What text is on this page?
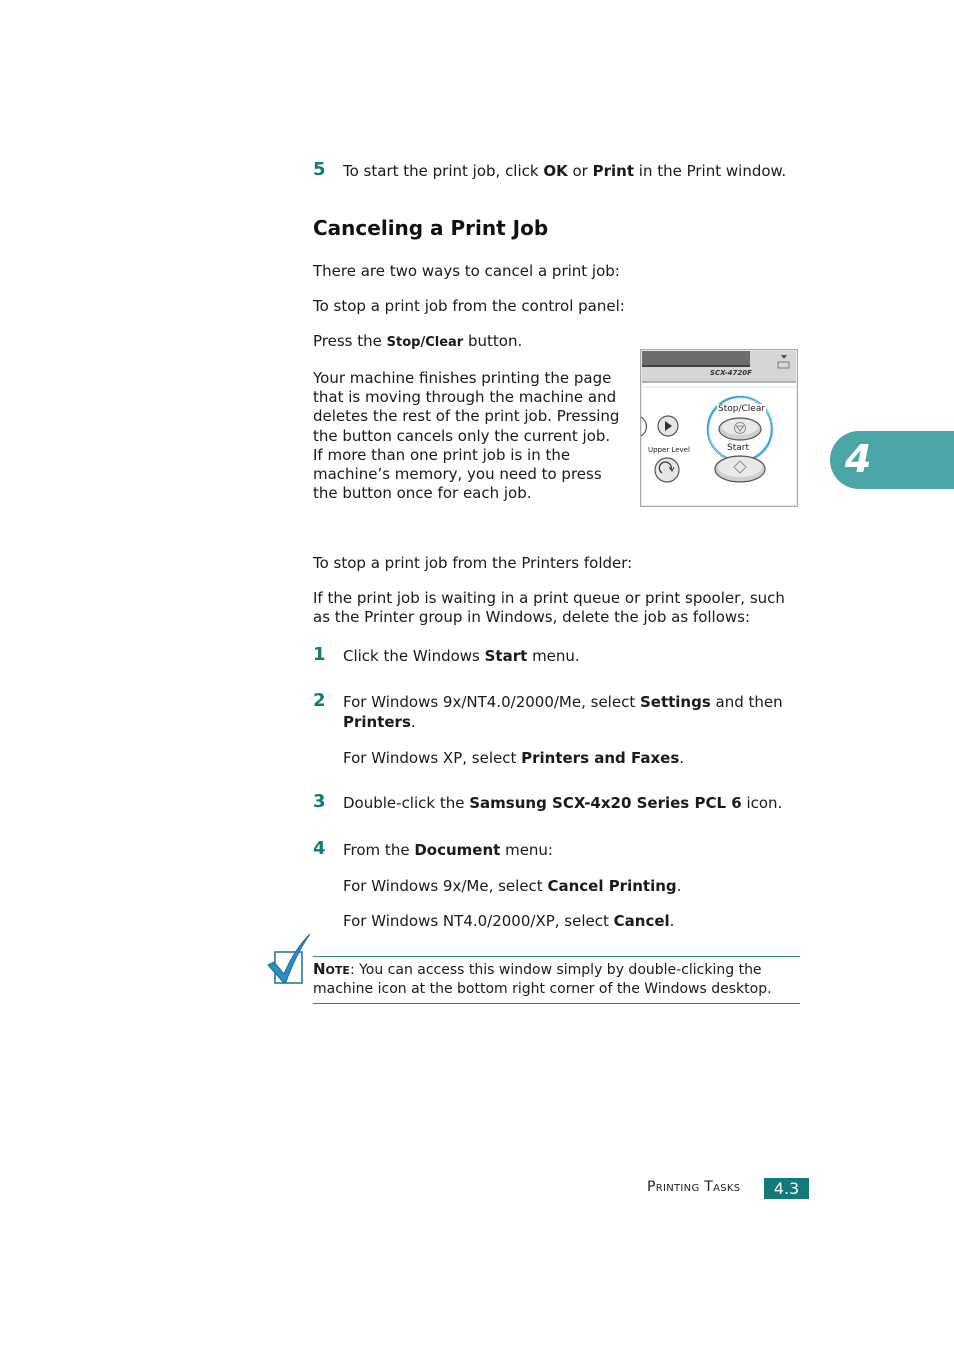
5 To start the print job, click OK or Print in the Print window.

Canceling a Print Job

There are two ways to cancel a print job:

To stop a print job from the control panel:

Press the Stop/Clear button.

Your machine finishes printing the page
that is moving through the machine and
deletes the rest of the print job. Pressing
the button cancels only the current job.
If more than one print job is in the
machine’s memory, you need to press
the button once for each job.
SCX-4720F
Stop/Clear
Start
Upper Level

To stop a print job from the Printers folder:

If the print job is waiting in a print queue or print spooler, such
as the Printer group in Windows, delete the job as follows:
1 Click the Windows Start menu.

2 For Windows 9x/NT4.0/2000/Me, select Settings and then
Printers.

For Windows XP, select Printers and Faxes.

3 Double-click the Samsung SCX-4x20 Series PCL 6 icon.

4 From the Document menu:

For Windows 9x/Me, select Cancel Printing.

For Windows NT4.0/2000/XP, select Cancel.

Note: You can access this window simply by double-clicking the
machine icon at the bottom right corner of the Windows desktop.
4
Printing Tasks	4.3
